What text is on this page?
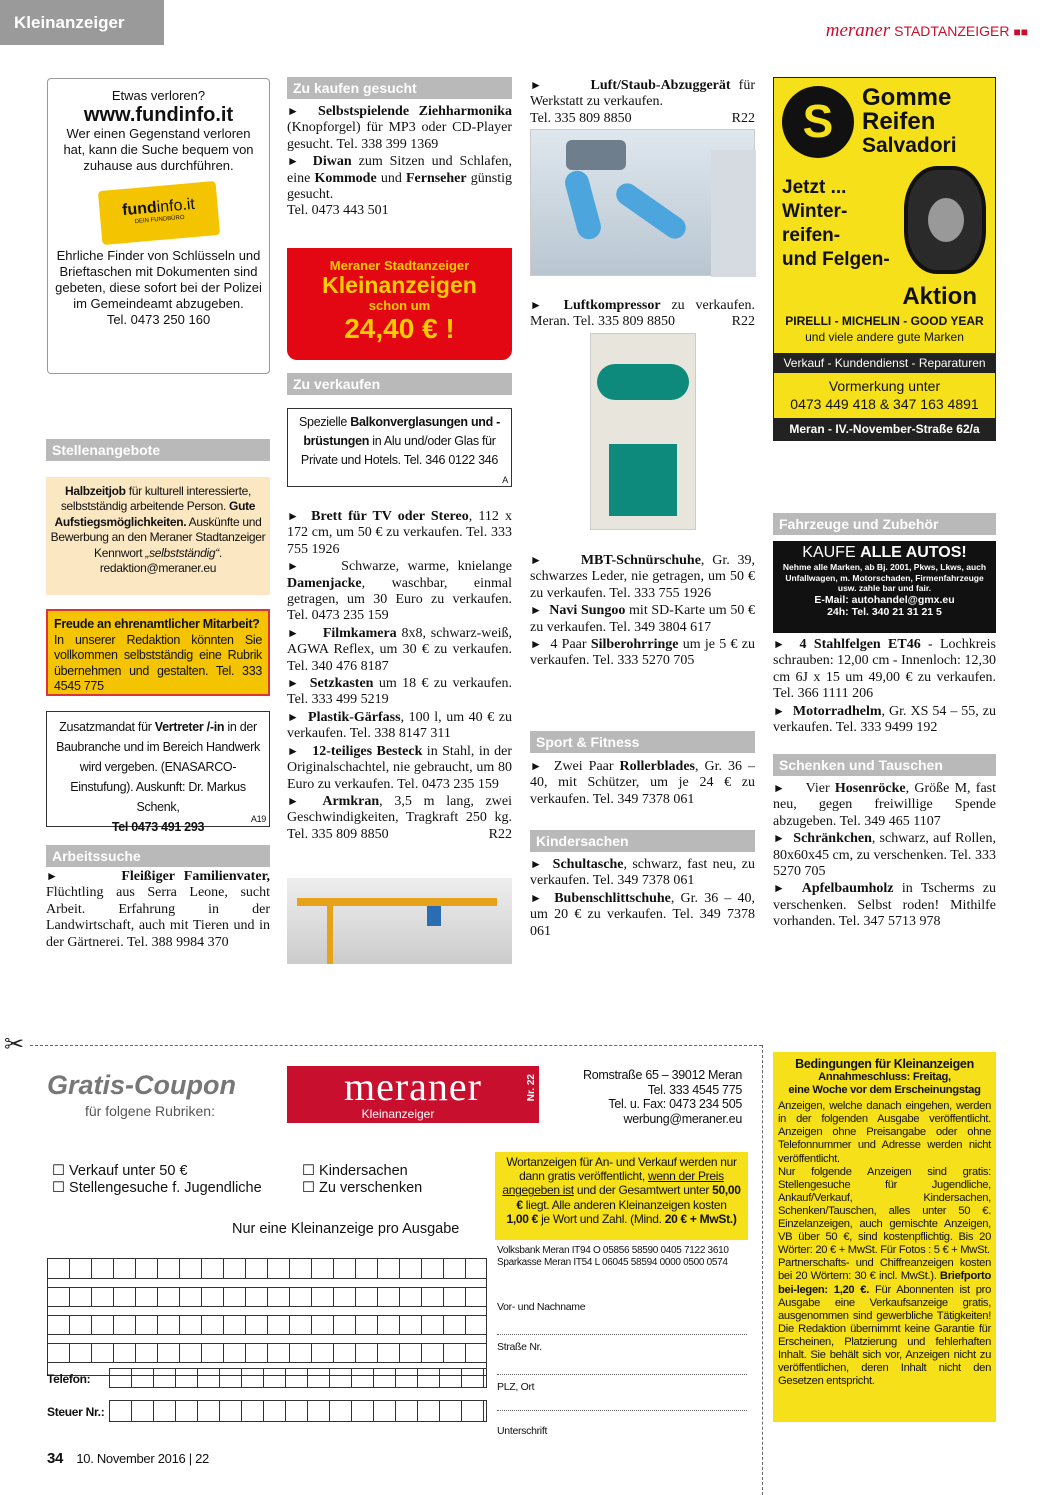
Kleinanzeiger	meraner STADTANZEIGER ■■
Etwas verloren?
www.fundinfo.it
Wer einen Gegenstand verloren hat, kann die Suche bequem von zuhause aus durchführen.
fundinfo.it
DEIN FUNDBÜRO
Ehrliche Finder von Schlüsseln und Brieftaschen mit Dokumenten sind gebeten, diese sofort bei der Polizei im Gemeindeamt abzugeben.
Tel. 0473 250 160
Stellenangebote
Halbzeitjob für kulturell interessierte, selbstständig arbeitende Person. Gute Aufstiegsmöglichkeiten. Auskünfte und Bewerbung an den Meraner Stadtanzeiger Kennwort „selbstständig“.
redaktion@meraner.eu
Freude an ehrenamtlicher Mitarbeit?
In unserer Redaktion könnten Sie vollkommen selbstständig eine Rubrik übernehmen und gestalten. Tel. 333 4545 775
Zusatzmandat für Vertreter /-in in der Baubranche und im Bereich Handwerk wird vergeben. (ENASARCO-Einstufung). Auskunft: Dr. Markus Schenk,
Tel 0473 491 293
A19
Arbeitssuche
►	Fleißiger Familienvater, Flüchtling aus Serra Leone, sucht Arbeit. Erfahrung in der Landwirtschaft, auch mit Tieren und in der Gärtnerei. Tel. 388 9984 370
Zu kaufen gesucht

► Selbstspielende Ziehharmonika (Knopforgel) für MP3 oder CD-Player gesucht. Tel. 338 399 1369

► Diwan zum Sitzen und Schlafen, eine Kommode und Fernseher günstig gesucht.
Tel. 0473 443 501

Meraner Stadtanzeiger
Kleinanzeigen
schon um
24,40 € !
Zu verkaufen
Spezielle Balkonverglasungen und -brüstungen in Alu und/oder Glas für Private und Hotels. Tel. 346 0122 346
A

► Brett für TV oder Stereo, 112 x 172 cm, um 50 € zu verkaufen. Tel. 333 755 1926

►	Schwarze, warme, knielange Damenjacke, waschbar, einmal getragen, um 30 Euro zu verkaufen. Tel. 0473 235 159

► Filmkamera 8x8, schwarz-weiß, AGWA Reflex, um 30 € zu verkaufen. Tel. 340 476 8187

► Setzkasten um 18 € zu verkaufen. Tel. 333 499 5219

► Plastik-Gärfass, 100 l, um 40 € zu verkaufen. Tel. 338 8147 311

► 12-teiliges Besteck in Stahl, in der Originalschachtel, nie gebraucht, um 80 Euro zu verkaufen. Tel. 0473 235 159

► Armkran, 3,5 m lang, zwei Geschwindigkeiten, Tragkraft 250 kg. Tel. 335 809 8850	R22

►	Luft/Staub-Abzuggerät für Werkstatt zu verkaufen.
Tel. 335 809 8850	R22

► Luftkompressor zu verkaufen. Meran. Tel. 335 809 8850	R22

►	MBT-Schnürschuhe, Gr. 39, schwarzes Leder, nie getragen, um 50 € zu verkaufen. Tel. 333 755 1926

► Navi Sungoo mit SD-Karte um 50 € zu verkaufen. Tel. 349 3804 617

► 4 Paar Silberohrringe um je 5 € zu verkaufen. Tel. 333 5270 705

Sport & Fitness
► Zwei Paar Rollerblades, Gr. 36 – 40, mit Schützer, um je 24 € zu verkaufen. Tel. 349 7378 061
Kindersachen

► Schultasche, schwarz, fast neu, zu verkaufen. Tel. 349 7378 061

► Bubenschlittschuhe, Gr. 36 – 40, um 20 € zu verkaufen. Tel. 349 7378 061

S	Gomme
Reifen
Salvadori
Jetzt ...
Winter-
reifen-
und Felgen-
Aktion
PIRELLI - MICHELIN - GOOD YEAR
und viele andere gute Marken
Verkauf - Kundendienst - Reparaturen
Vormerkung unter
0473 449 418 & 347 163 4891
Meran - IV.-November-Straße 62/a
Fahrzeuge und Zubehör
KAUFE ALLE AUTOS!
Nehme alle Marken, ab Bj. 2001, Pkws, Lkws, auch Unfallwagen, m. Motorschaden, Firmenfahrzeuge usw. zahle bar und fair.
E-Mail: autohandel@gmx.eu
24h: Tel. 340 21 31 21 5

► 4 Stahlfelgen ET46 - Lochkreis schrauben: 12,00 cm - Innenloch: 12,30 cm 6J x 15 um 49,00 € zu verkaufen. Tel. 366 1111 206

► Motorradhelm, Gr. XS 54 – 55, zu verkaufen. Tel. 333 9499 192

Schenken und Tauschen

► Vier Hosenröcke, Größe M, fast neu, gegen freiwillige Spende abzugeben. Tel. 349 465 1107

► Schränkchen, schwarz, auf Rollen, 80x60x45 cm, zu verschenken. Tel. 333 5270 705

► Apfelbaumholz in Tscherms zu verschenken. Selbst roden! Mithilfe vorhanden. Tel. 347 5713 978

✂
Gratis-Coupon
für folgene Rubriken:
meraner
Kleinanzeiger
Nr. 22	Romstraße 65 – 39012 Meran
Tel. 333 4545 775
Tel. u. Fax: 0473 234 505
werbung@meraner.eu
☐ Verkauf unter 50 €
☐ Stellengesuche f. Jugendliche
☐ Kindersachen
☐ Zu verschenken
Nur eine Kleinanzeige pro Ausgabe
Wortanzeigen für An- und Verkauf werden nur dann gratis veröffentlicht, wenn der Preis angegeben ist und der Gesamtwert unter 50,00 € liegt. Alle anderen Kleinanzeigen kosten
1,00 € je Wort und Zahl. (Mind. 20 € + MwSt.)
Volksbank Meran IT94 O 05856 58590 0405 7122 3610
Sparkasse Meran IT54 L 06045 58594 0000 0500 0574
Telefon:
Steuer Nr.:
Vor- und Nachname
Straße Nr.
PLZ, Ort
Unterschrift
Bedingungen für Kleinanzeigen
Annahmeschluss: Freitag,
eine Woche vor dem Erscheinungstag
Anzeigen, welche danach eingehen, werden in der folgenden Ausgabe veröffentlicht. Anzeigen ohne Preisangabe oder ohne Telefonnummer und Adresse werden nicht veröffentlicht.
Nur folgende Anzeigen sind gratis: Stellengesuche für Jugendliche, Ankauf/Verkauf, Kindersachen, Schenken/Tauschen, alles unter 50 €. Einzelanzeigen, auch gemischte Anzeigen, VB über 50 €, sind kostenpflichtig. Bis 20 Wörter: 20 € + MwSt. Für Fotos : 5 € + MwSt.
Partnerschafts- und Chiffreanzeigen kosten bei 20 Wörtern: 30 € incl. MwSt.). Briefporto bei-legen: 1,20 €. Für Abonnenten ist pro Ausgabe eine Verkaufsanzeige gratis, ausgenommen sind gewerbliche Tätigkeiten! Die Redaktion übernimmt keine Garantie für Erscheinen, Platzierung und fehlerhaften Inhalt. Sie behält sich vor, Anzeigen nicht zu veröffentlichen, deren Inhalt nicht den Gesetzen entspricht.
34 10. November 2016 | 22
